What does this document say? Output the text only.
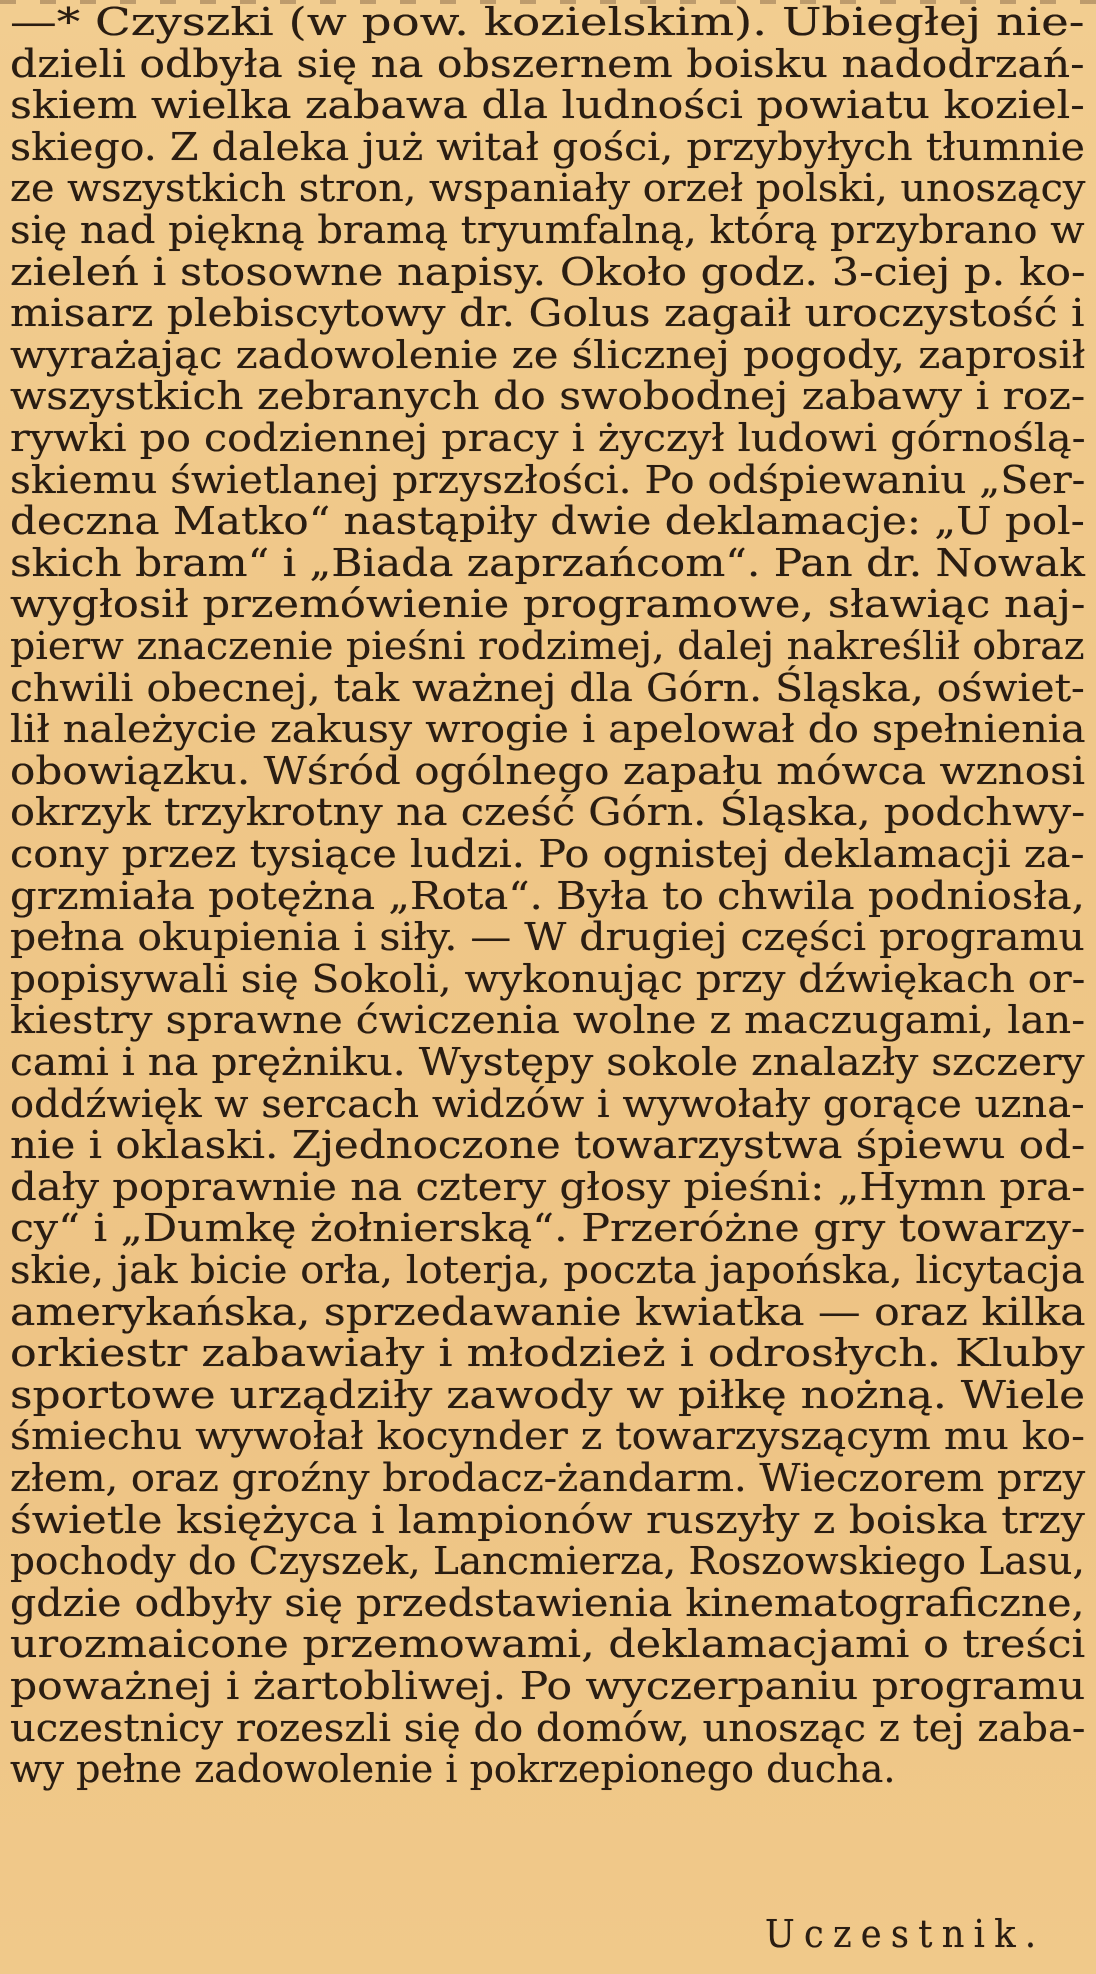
—* Czyszki (w pow. kozielskim). Ubiegłej nie-
dzieli odbyła się na obszernem boisku nadodrzań-
skiem wielka zabawa dla ludności powiatu koziel-
skiego. Z daleka już witał gości, przybyłych tłumnie
ze wszystkich stron, wspaniały orzeł polski, unoszący
się nad piękną bramą tryumfalną, którą przybrano w
zieleń i stosowne napisy. Około godz. 3-ciej p. ko-
misarz plebiscytowy dr. Golus zagaił uroczystość i
wyrażając zadowolenie ze ślicznej pogody, zaprosił
wszystkich zebranych do swobodnej zabawy i roz-
rywki po codziennej pracy i życzył ludowi górnoślą-
skiemu świetlanej przyszłości. Po odśpiewaniu „Ser-
deczna Matko“ nastąpiły dwie deklamacje: „U pol-
skich bram“ i „Biada zaprzańcom“. Pan dr. Nowak
wygłosił przemówienie programowe, sławiąc naj-
pierw znaczenie pieśni rodzimej, dalej nakreślił obraz
chwili obecnej, tak ważnej dla Górn. Śląska, oświet-
lił należycie zakusy wrogie i apelował do spełnienia
obowiązku. Wśród ogólnego zapału mówca wznosi
okrzyk trzykrotny na cześć Górn. Śląska, podchwy-
cony przez tysiące ludzi. Po ognistej deklamacji za-
grzmiała potężna „Rota“. Była to chwila podniosła,
pełna okupienia i siły. — W drugiej części programu
popisywali się Sokoli, wykonując przy dźwiękach or-
kiestry sprawne ćwiczenia wolne z maczugami, lan-
cami i na prężniku. Występy sokole znalazły szczery
oddźwięk w sercach widzów i wywołały gorące uzna-
nie i oklaski. Zjednoczone towarzystwa śpiewu od-
dały poprawnie na cztery głosy pieśni: „Hymn pra-
cy“ i „Dumkę żołnierską“. Przeróżne gry towarzy-
skie, jak bicie orła, loterja, poczta japońska, licytacja
amerykańska, sprzedawanie kwiatka — oraz kilka
orkiestr zabawiały i młodzież i odrosłych. Kluby
sportowe urządziły zawody w piłkę nożną. Wiele
śmiechu wywołał kocynder z towarzyszącym mu ko-
złem, oraz groźny brodacz-żandarm. Wieczorem przy
świetle księżyca i lampionów ruszyły z boiska trzy
pochody do Czyszek, Lancmierza, Roszowskiego Lasu,
gdzie odbyły się przedstawienia kinematograficzne,
urozmaicone przemowami, deklamacjami o treści
poważnej i żartobliwej. Po wyczerpaniu programu
uczestnicy rozeszli się do domów, unosząc z tej zaba-
wy pełne zadowolenie i pokrzepionego ducha.
Uczestnik.
